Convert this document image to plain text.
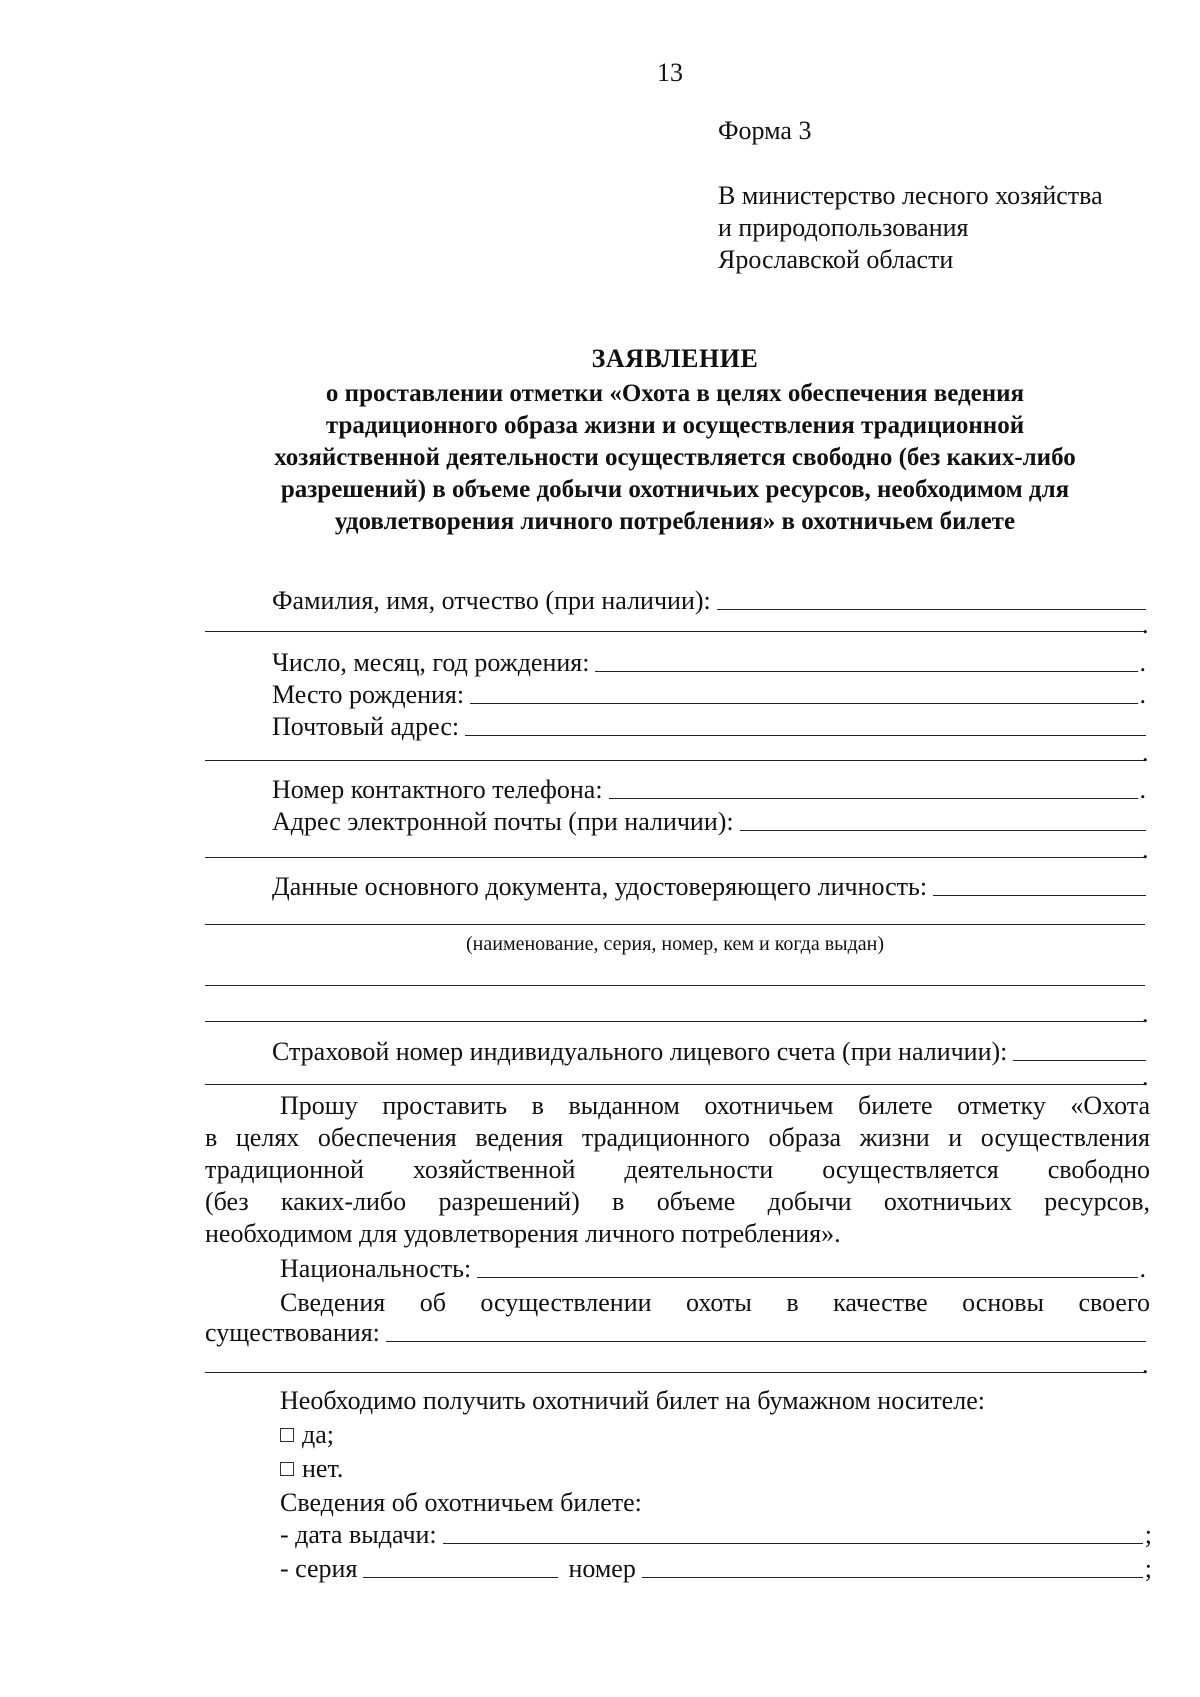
13
Форма 3
В министерство лесного хозяйства
и природопользования
Ярославской области
ЗАЯВЛЕНИЕ
о проставлении отметки «Охота в целях обеспечения ведения
традиционного образа жизни и осуществления традиционной
хозяйственной деятельности осуществляется свободно (без каких-либо
разрешений) в объеме добычи охотничьих ресурсов, необходимом для
удовлетворения личного потребления» в охотничьем билете
Фамилия, имя, отчество (при наличии):
.
Число, месяц, год рождения:	.
Место рождения:	.
Почтовый адрес:
.
Номер контактного телефона:	.
Адрес электронной почты (при наличии):
.
Данные основного документа, удостоверяющего личность:
(наименование, серия, номер, кем и когда выдан)
.
Страховой номер индивидуального лицевого счета (при наличии):
.
Прошу проставить в выданном охотничьем билете отметку «Охота
в целях обеспечения ведения традиционного образа жизни и осуществления
традиционной хозяйственной деятельности осуществляется свободно
(без каких-либо разрешений) в объеме добычи охотничьих ресурсов,
необходимом для удовлетворения личного потребления».
Национальность:	.
Сведения об осуществлении охоты в качестве основы своего
существования:
.
Необходимо получить охотничий билет на бумажном носителе:
да;
нет.
Сведения об охотничьем билете:
- дата выдачи:	;
- серия	номер	;
